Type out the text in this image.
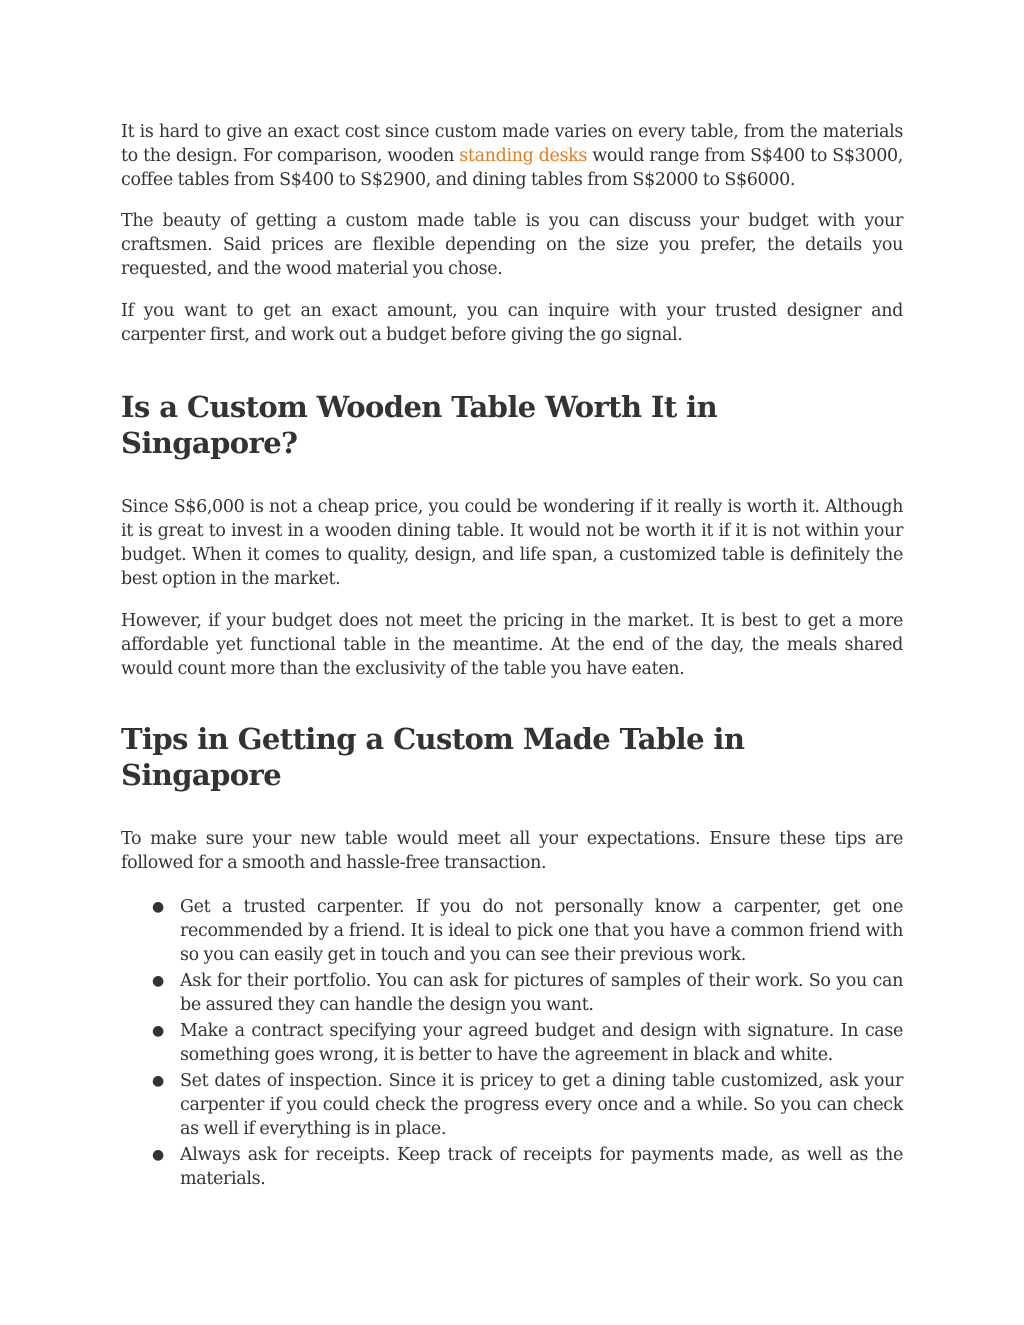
It is hard to give an exact cost since custom made varies on every table, from the materials to the design. For comparison, wooden standing desks would range from S$400 to S$3000, coffee tables from S$400 to S$2900, and dining tables from S$2000 to S$6000.

The beauty of getting a custom made table is you can discuss your budget with your craftsmen. Said prices are flexible depending on the size you prefer, the details you requested, and the wood material you chose.

If you want to get an exact amount, you can inquire with your trusted designer and carpenter first, and work out a budget before giving the go signal.

Is a Custom Wooden Table Worth It in Singapore?

Since S$6,000 is not a cheap price, you could be wondering if it really is worth it. Although it is great to invest in a wooden dining table. It would not be worth it if it is not within your budget. When it comes to quality, design, and life span, a customized table is definitely the best option in the market.

However, if your budget does not meet the pricing in the market. It is best to get a more affordable yet functional table in the meantime. At the end of the day, the meals shared would count more than the exclusivity of the table you have eaten.

Tips in Getting a Custom Made Table in Singapore

To make sure your new table would meet all your expectations. Ensure these tips are followed for a smooth and hassle-free transaction.

● Get a trusted carpenter. If you do not personally know a carpenter, get one recommended by a friend. It is ideal to pick one that you have a common friend with so you can easily get in touch and you can see their previous work.
● Ask for their portfolio. You can ask for pictures of samples of their work. So you can be assured they can handle the design you want.
● Make a contract specifying your agreed budget and design with signature. In case something goes wrong, it is better to have the agreement in black and white.
● Set dates of inspection. Since it is pricey to get a dining table customized, ask your carpenter if you could check the progress every once and a while. So you can check as well if everything is in place.
● Always ask for receipts. Keep track of receipts for payments made, as well as the materials.
